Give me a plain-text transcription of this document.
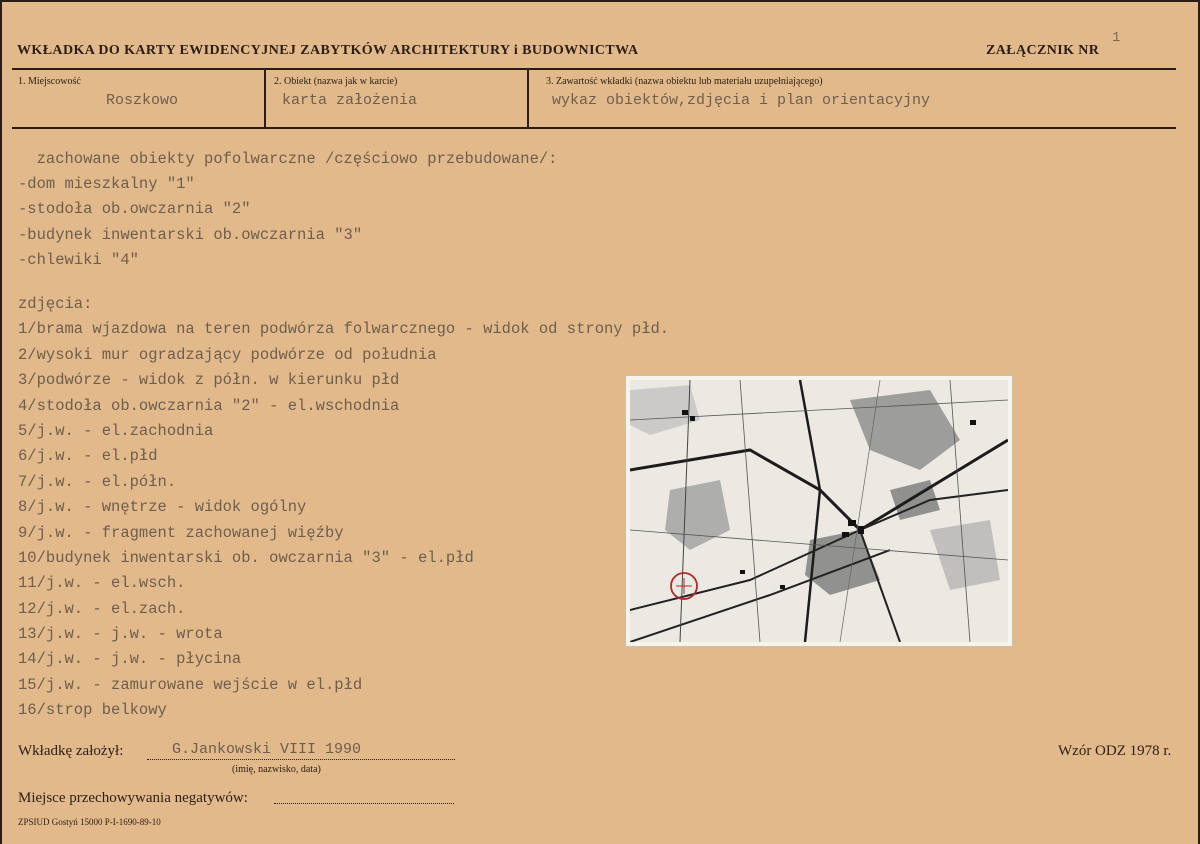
WKŁADKA DO KARTY EWIDENCYJNEJ ZABYTKÓW ARCHITEKTURY i BUDOWNICTWA	ZAŁĄCZNIK NR
1
1. Miejscowość
Roszkowo
2. Obiekt (nazwa jak w karcie)
karta założenia
3. Zawartość wkładki (nazwa obiektu lub materiału uzupełniającego)
wykaz obiektów,zdjęcia i plan orientacyjny
zachowane obiekty pofolwarczne /częściowo przebudowane/:
-dom mieszkalny "1"
-stodoła ob.owczarnia "2"
-budynek inwentarski ob.owczarnia "3"
-chlewiki "4"
zdjęcia:
1/brama wjazdowa na teren podwórza folwarcznego - widok od strony płd.
2/wysoki mur ogradzający podwórze od południa
3/podwórze - widok z półn. w kierunku płd
4/stodoła ob.owczarnia "2" - el.wschodnia
5/j.w. - el.zachodnia
6/j.w. - el.płd
7/j.w. - el.półn.
8/j.w. - wnętrze - widok ogólny
9/j.w. - fragment zachowanej więźby
10/budynek inwentarski ob. owczarnia "3" - el.płd
11/j.w. - el.wsch.
12/j.w. - el.zach.
13/j.w. - j.w. - wrota
14/j.w. - j.w. - płycina
15/j.w. - zamurowane wejście w el.płd
16/strop belkowy
Wkładkę założył:	G.Jankowski VIII 1990
(imię, nazwisko, data)
Wzór ODZ 1978 r.
Miejsce przechowywania negatywów:
ZPSIUD Gostyń 15000 P-I-1690-89-10
